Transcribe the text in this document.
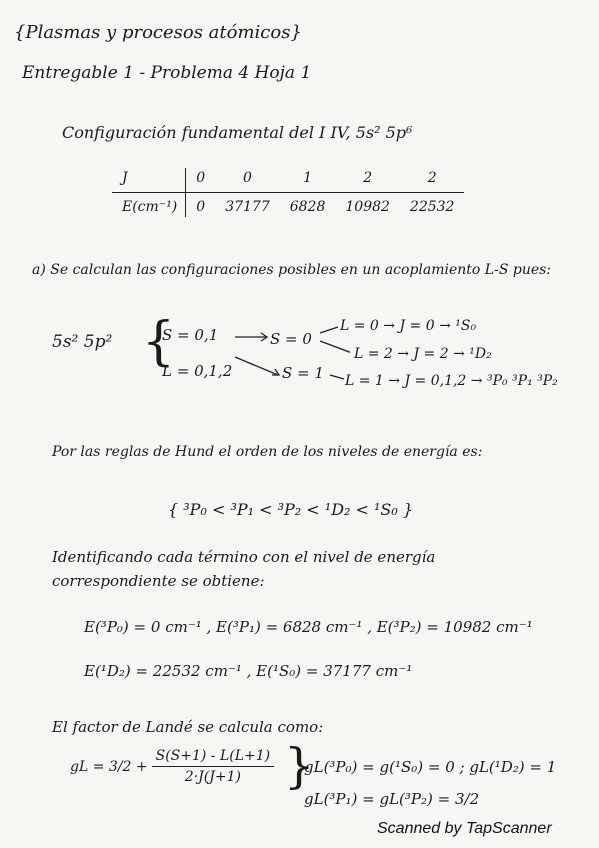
{Plasmas y procesos atómicos}
Entregable 1 - Problema 4 Hoja 1
Configuración fundamental del I IV, 5s² 5p⁶
J	0	0	1	2	2
E(cm⁻¹)	0	37177	6828	10982	22532
a) Se calculan las configuraciones posibles en un acoplamiento L-S pues:
5s² 5p² {
S = 0,1
L = 0,1,2
S = 0
S = 1
L = 0 → J = 0 → ¹S₀
L = 2 → J = 2 → ¹D₂
L = 1 → J = 0,1,2 → ³P₀ ³P₁ ³P₂
Por las reglas de Hund el orden de los niveles de energía es:
{ ³P₀ < ³P₁ < ³P₂ < ¹D₂ < ¹S₀ }
Identificando cada término con el nivel de energía
correspondiente se obtiene:
E(³P₀) = 0 cm⁻¹ , E(³P₁) = 6828 cm⁻¹ , E(³P₂) = 10982 cm⁻¹
E(¹D₂) = 22532 cm⁻¹ , E(¹S₀) = 37177 cm⁻¹
El factor de Landé se calcula como:
gL = $3/2 + \frac{S(S+1) - L(L+1)}{2\cdot J(J+1)}$ }
gL(³P₀) = g(¹S₀) = 0 ; gL(¹D₂) = 1
gL(³P₁) = gL(³P₂) = 3/2
Scanned by TapScanner
